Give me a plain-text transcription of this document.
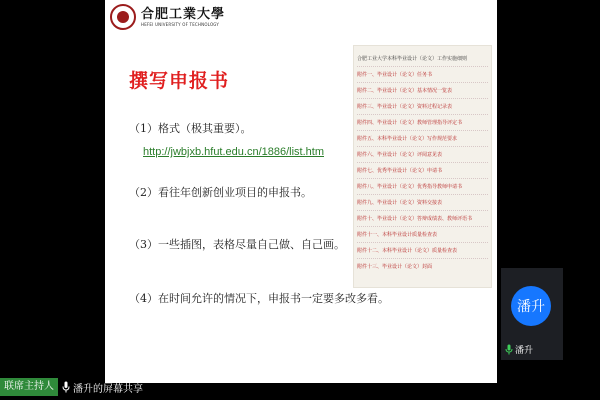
合肥工業大學
HEFEI UNIVERSITY OF TECHNOLOGY
撰写申报书
（1）格式（极其重要）。
http://jwbjxb.hfut.edu.cn/1886/list.htm
（2）看往年创新创业项目的申报书。
（3）一些插图，表格尽量自己做、自己画。
（4）在时间允许的情况下，申报书一定要多改多看。
合肥工业大学本科毕业设计（论文）工作实施细则
附件一、毕业设计（论文）任务书
附件二、毕业设计（论文）基本情况一览表
附件三、毕业设计（论文）资料过程记录表
附件四、毕业设计（论文）教师管理指导评定书
附件五、本科毕业设计（论文）写作规范要求
附件六、毕业设计（论文）评阅意见表
附件七、优秀毕业设计（论文）申请书
附件八、毕业设计（论文）优秀指导教师申请书
附件九、毕业设计（论文）资料交接表
附件十、毕业设计（论文）答辩成绩表、教师评语书
附件十一、本科毕业设计质量检查表
附件十二、本科毕业设计（论文）质量检查表
附件十三、毕业设计（论文）封面
潘升
潘升
联席主持人	潘升的屏幕共享
